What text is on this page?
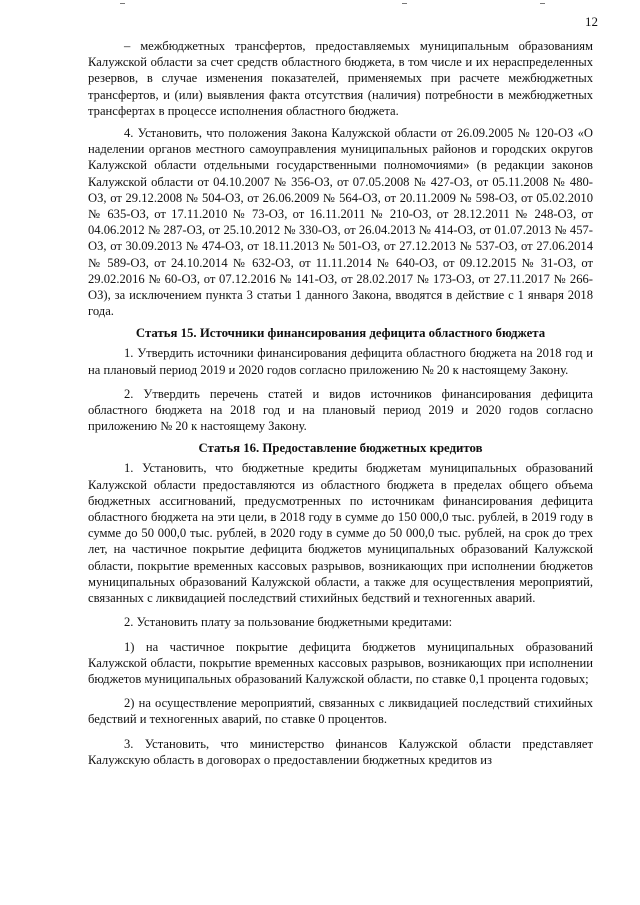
12

– межбюджетных трансфертов, предоставляемых муниципальным образованиям Калужской области за счет средств областного бюджета, в том числе и их нераспределенных резервов, в случае изменения показателей, применяемых при расчете межбюджетных трансфертов, и (или) выявления факта отсутствия (наличия) потребности в межбюджетных трансфертах в процессе исполнения областного бюджета.

4. Установить, что положения Закона Калужской области от 26.09.2005 № 120-ОЗ «О наделении органов местного самоуправления муниципальных районов и городских округов Калужской области отдельными государственными полномочиями» (в редакции законов Калужской области от 04.10.2007 № 356-ОЗ, от 07.05.2008 № 427-ОЗ, от 05.11.2008 № 480-ОЗ, от 29.12.2008 № 504-ОЗ, от 26.06.2009 № 564-ОЗ, от 20.11.2009 № 598-ОЗ, от 05.02.2010 № 635-ОЗ, от 17.11.2010 № 73-ОЗ, от 16.11.2011 № 210-ОЗ, от 28.12.2011 № 248-ОЗ, от 04.06.2012 № 287-ОЗ, от 25.10.2012 № 330-ОЗ, от 26.04.2013 № 414-ОЗ, от 01.07.2013 № 457-ОЗ, от 30.09.2013 № 474-ОЗ, от 18.11.2013 № 501-ОЗ, от 27.12.2013 № 537-ОЗ, от 27.06.2014 № 589-ОЗ, от 24.10.2014 № 632-ОЗ, от 11.11.2014 № 640-ОЗ, от 09.12.2015 № 31-ОЗ, от 29.02.2016 № 60-ОЗ, от 07.12.2016 № 141-ОЗ, от 28.02.2017 № 173-ОЗ, от 27.11.2017 № 266-ОЗ), за исключением пункта 3 статьи 1 данного Закона, вводятся в действие с 1 января 2018 года.

Статья 15. Источники финансирования дефицита областного бюджета

1. Утвердить источники финансирования дефицита областного бюджета на 2018 год и на плановый период 2019 и 2020 годов согласно приложению № 20 к настоящему Закону.

2. Утвердить перечень статей и видов источников финансирования дефицита областного бюджета на 2018 год и на плановый период 2019 и 2020 годов согласно приложению № 20 к настоящему Закону.

Статья 16. Предоставление бюджетных кредитов

1. Установить, что бюджетные кредиты бюджетам муниципальных образований Калужской области предоставляются из областного бюджета в пределах общего объема бюджетных ассигнований, предусмотренных по источникам финансирования дефицита областного бюджета на эти цели, в 2018 году в сумме до 150 000,0 тыс. рублей, в 2019 году в сумме до 50 000,0 тыс. рублей, в 2020 году в сумме до 50 000,0 тыс. рублей, на срок до трех лет, на частичное покрытие дефицита бюджетов муниципальных образований Калужской области, покрытие временных кассовых разрывов, возникающих при исполнении бюджетов муниципальных образований Калужской области, а также для осуществления мероприятий, связанных с ликвидацией последствий стихийных бедствий и техногенных аварий.

2. Установить плату за пользование бюджетными кредитами:

1) на частичное покрытие дефицита бюджетов муниципальных образований Калужской области, покрытие временных кассовых разрывов, возникающих при исполнении бюджетов муниципальных образований Калужской области, по ставке 0,1 процента годовых;

2) на осуществление мероприятий, связанных с ликвидацией последствий стихийных бедствий и техногенных аварий, по ставке 0 процентов.

3. Установить, что министерство финансов Калужской области представляет Калужскую область в договорах о предоставлении бюджетных кредитов из
